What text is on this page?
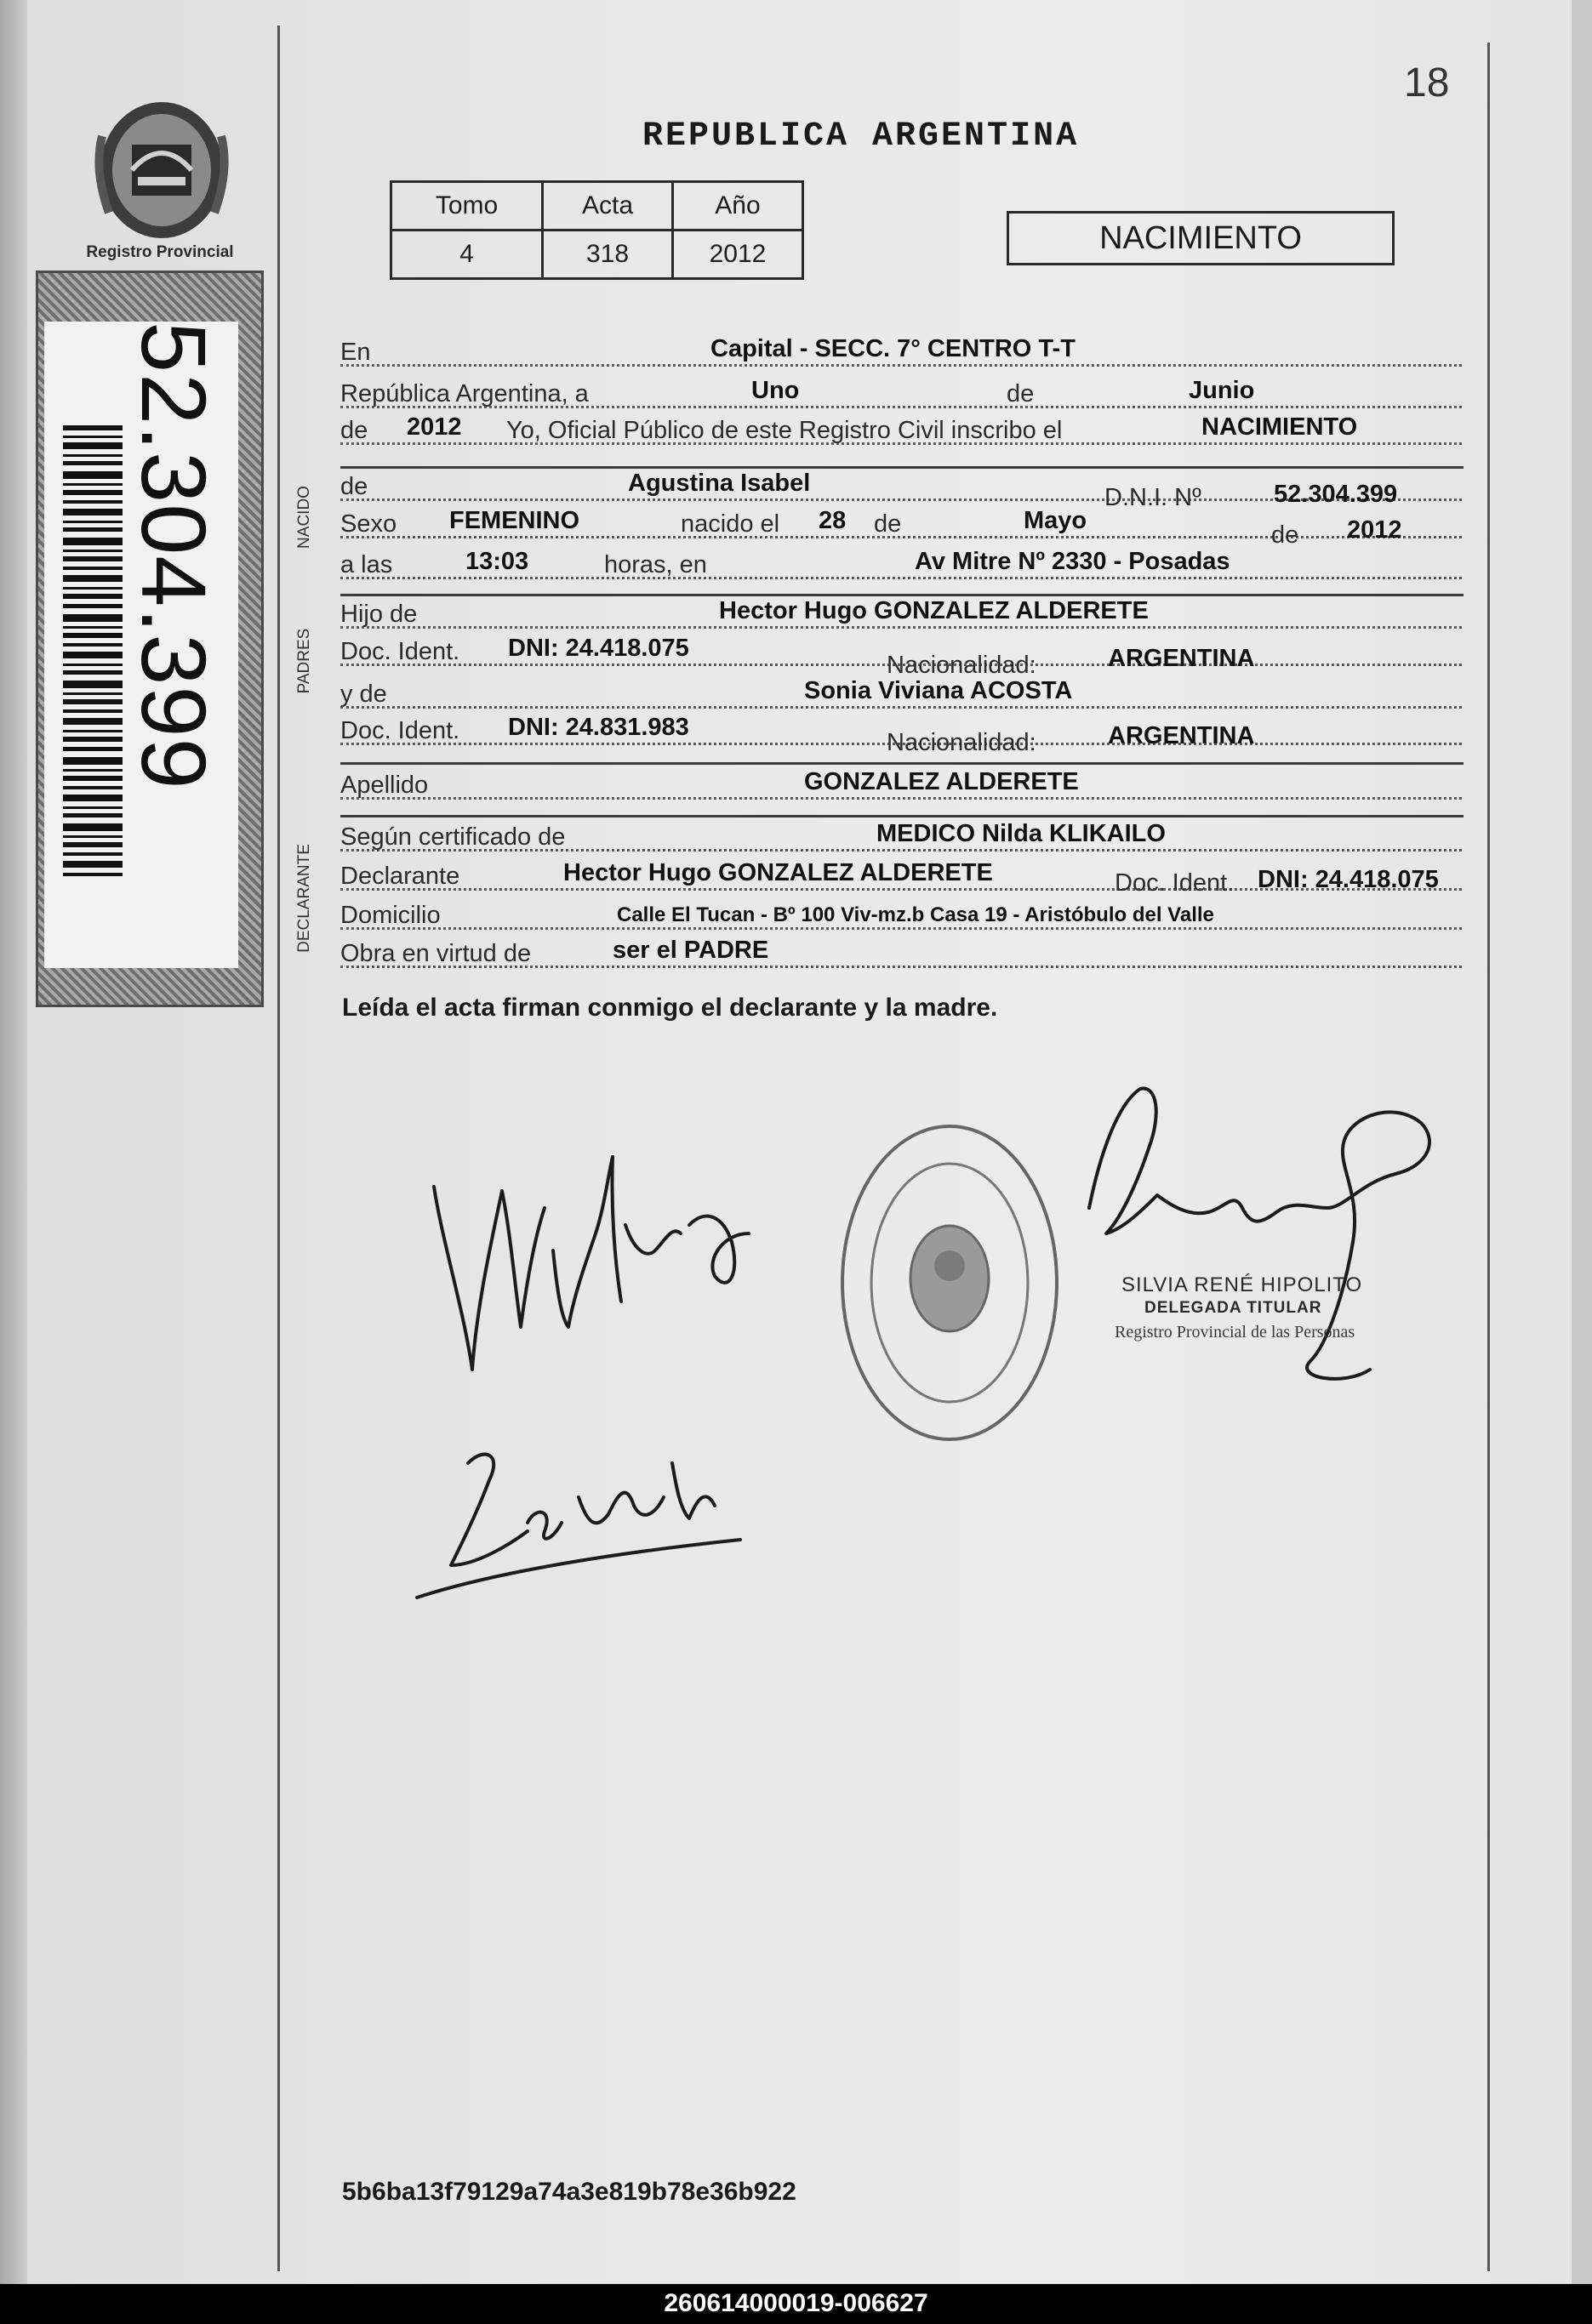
Registro Provincial
52.304.399
18
REPUBLICA ARGENTINA
Tomo	Acta	Año
4	318	2012	NACIMIENTO
En	Capital - SECC. 7° CENTRO T-T
República Argentina, a	Uno	de	Junio
de 2012 Yo, Oficial Público de este Registro Civil inscribo el	NACIMIENTO
NACIDO de	Agustina Isabel
D.N.I. Nº	52.304.399
Sexo FEMENINO	nacido el 28 de	Mayo
de 2012
a las	13:03	horas, en	Av Mitre Nº 2330 - Posadas
PADRES
Hijo de	Hector Hugo GONZALEZ ALDERETE
Doc. Ident. DNI: 24.418.075
Nacionalidad:	ARGENTINA
y de	Sonia Viviana ACOSTA
Doc. Ident. DNI: 24.831.983
Nacionalidad:	ARGENTINA
Apellido	GONZALEZ ALDERETE
DECLARANTE
Según certificado de	MEDICO Nilda KLIKAILO
Declarante	Hector Hugo GONZALEZ ALDERETE	Doc. Ident. DNI: 24.418.075
Domicilio	Calle El Tucan - Bº 100 Viv-mz.b Casa 19 - Aristóbulo del Valle
Obra en virtud de	ser el PADRE
Leída el acta firman conmigo el declarante y la madre.
SILVIA RENÉ HIPOLITO
DELEGADA TITULAR
Registro Provincial de las Personas
5b6ba13f79129a74a3e819b78e36b922
260614000019-006627
